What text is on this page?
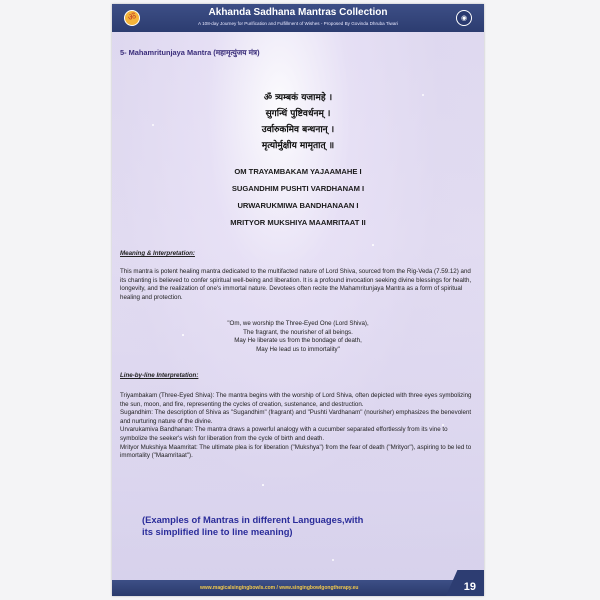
ॐ	Akhanda Sadhana Mantras Collection
A 108-day Journey for Purification and Fulfillment of Wishes - Proposed By Govinda Dhruba Tiwari
◉
5- Mahamritunjaya Mantra (महामृत्युंजय मंत्र)
ॐ त्र्यम्बकं यजामहे ।
सुगन्धिं पुष्टिवर्धनम् ।
उर्वारुकमिव बन्धनान् ।
मृत्योर्मुक्षीय मामृतात् ॥
OM TRAYAMBAKAM YAJAAMAHE I
SUGANDHIM PUSHTI VARDHANAM I
URWARUKMIWA BANDHANAAN I
MRITYOR MUKSHIYA MAAMRITAAT II
Meaning & Interpretation:
This mantra is potent healing mantra dedicated to the multifacted nature of Lord Shiva, sourced from the Rig-Veda (7.59.12) and its chanting is believed to confer spiritual well-being and liberation. It is a profound invocation seeking divine blessings for health, longevity, and the realization of one's immortal nature. Devotees often recite the Mahamritunjaya Mantra as a form of spiritual healing and protection.
"Om, we worship the Three-Eyed One (Lord Shiva),
The fragrant, the nourisher of all beings.
May He liberate us from the bondage of death,
May He lead us to immortality"
Line-by-line Interpretation:
Triyambakam (Three-Eyed Shiva): The mantra begins with the worship of Lord Shiva, often depicted with three eyes symbolizing the sun, moon, and fire, representing the cycles of creation, sustenance, and destruction.
Sugandhim: The description of Shiva as "Sugandhim" (fragrant) and "Pushti Vardhanam" (nourisher) emphasizes the benevolent and nurturing nature of the divine.
Urvarukamiva Bandhanan: The mantra draws a powerful analogy with a cucumber separated effortlessly from its vine to symbolize the seeker's wish for liberation from the cycle of birth and death.
Mrityor Mukshiya Maamritat: The ultimate plea is for liberation ("Mukshya") from the fear of death ("Mrityor"), aspiring to be led to immortality ("Maamritaat").
(Examples of Mantras in different Languages,with
its simplified line to line meaning)
www.magicalsingingbowls.com / www.singingbowlgongtherapy.eu	19
